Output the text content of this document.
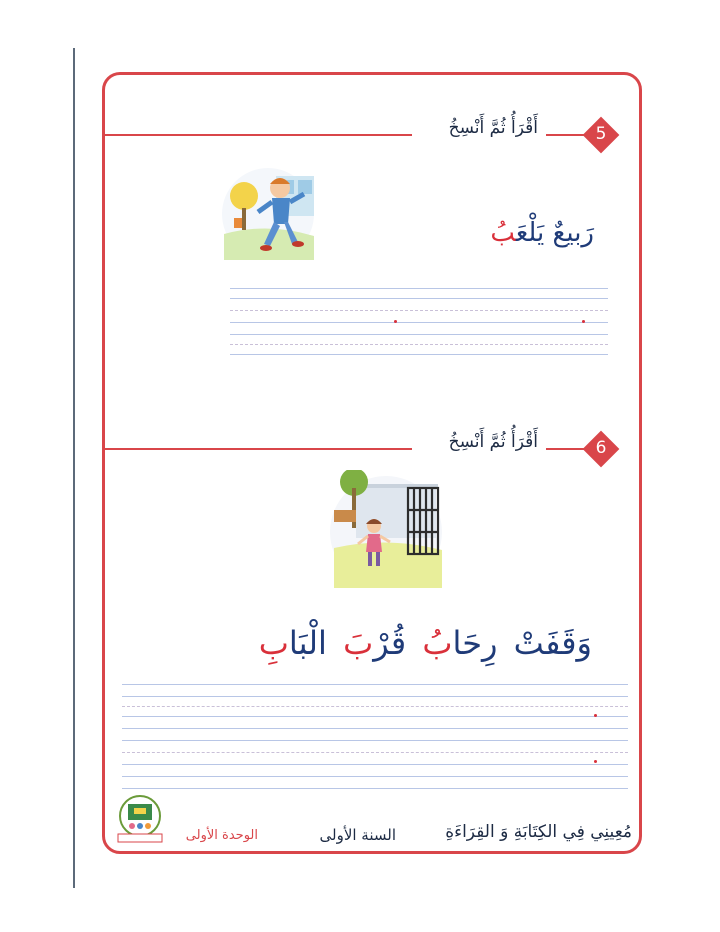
5
أَقْرَأُ ثُمَّ أَنْسِخُ
رَبيعٌ يَلْعَبُ
6
أَقْرَأُ ثُمَّ أَنْسِخُ
وَقَفَتْ رِحَابُ قُرْبَ الْبَابِ
مُعِينِي فِي الكِتَابَةِ وَ القِرَاءَةِ
السنة الأولى
الوحدة الأولى
